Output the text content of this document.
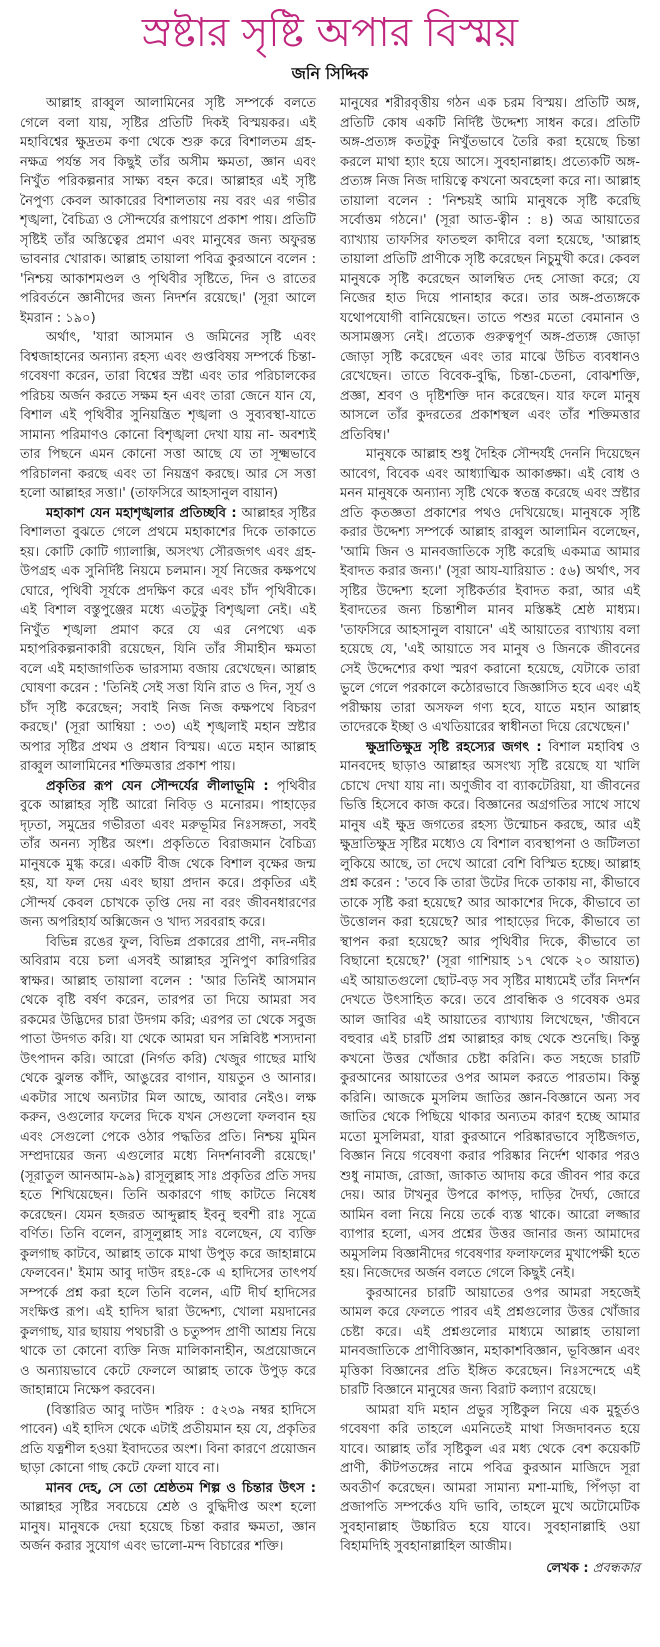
স্রষ্টার সৃষ্টি অপার বিস্ময়
জনি সিদ্দিক

আল্লাহ রাব্বুল আলামিনের সৃষ্টি সম্পর্কে বলতে গেলে বলা যায়, সৃষ্টির প্রতিটি দিকই বিস্ময়কর। এই মহাবিশ্বের ক্ষুদ্রতম কণা থেকে শুরু করে বিশালতম গ্রহ-নক্ষত্র পর্যন্ত সব কিছুই তাঁর অসীম ক্ষমতা, জ্ঞান এবং নিখুঁত পরিকল্পনার সাক্ষ্য বহন করে। আল্লাহর এই সৃষ্টি নৈপুণ্য কেবল আকারের বিশালতায় নয় বরং এর গভীর শৃঙ্খলা, বৈচিত্র্য ও সৌন্দর্যের রূপায়ণে প্রকাশ পায়। প্রতিটি সৃষ্টিই তাঁর অস্তিত্বের প্রমাণ এবং মানুষের জন্য অফুরন্ত ভাবনার খোরাক। আল্লাহ তায়ালা পবিত্র কুরআনে বলেন : 'নিশ্চয় আকাশমণ্ডল ও পৃথিবীর সৃষ্টিতে, দিন ও রাতের পরিবর্তনে জ্ঞানীদের জন্য নিদর্শন রয়েছে।' (সূরা আলে ইমরান : ১৯০)

অর্থাৎ, 'যারা আসমান ও জমিনের সৃষ্টি এবং বিশ্বজাহানের অন্যান্য রহস্য এবং গুপ্তবিষয় সম্পর্কে চিন্তা-গবেষণা করেন, তারা বিশ্বের স্রষ্টা এবং তার পরিচালকের পরিচয় অর্জন করতে সক্ষম হন এবং তারা জেনে যান যে, বিশাল এই পৃথিবীর সুনিয়ন্ত্রিত শৃঙ্খলা ও সুব্যবস্থা-যাতে সামান্য পরিমাণও কোনো বিশৃঙ্খলা দেখা যায় না- অবশ্যই তার পিছনে এমন কোনো সত্তা আছে যে তা সূক্ষ্মভাবে পরিচালনা করছে এবং তা নিয়ন্ত্রণ করছে। আর সে সত্তা হলো আল্লাহর সত্তা।' (তাফসিরে আহসানুল বায়ান)

মহাকাশ যেন মহাশৃঙ্খলার প্রতিচ্ছবি : আল্লাহর সৃষ্টির বিশালতা বুঝতে গেলে প্রথমে মহাকাশের দিকে তাকাতে হয়। কোটি কোটি গ্যালাক্সি, অসংখ্য সৌরজগৎ এবং গ্রহ-উপগ্রহ এক সুনির্দিষ্ট নিয়মে চলমান। সূর্য নিজের কক্ষপথে ঘোরে, পৃথিবী সূর্যকে প্রদক্ষিণ করে এবং চাঁদ পৃথিবীকে। এই বিশাল বস্তুপুঞ্জের মধ্যে এতটুকু বিশৃঙ্খলা নেই। এই নিখুঁত শৃঙ্খলা প্রমাণ করে যে এর নেপথ্যে এক মহাপরিকল্পনাকারী রয়েছেন, যিনি তাঁর সীমাহীন ক্ষমতা বলে এই মহাজাগতিক ভারসাম্য বজায় রেখেছেন। আল্লাহ ঘোষণা করেন : 'তিনিই সেই সত্তা যিনি রাত ও দিন, সূর্য ও চাঁদ সৃষ্টি করেছেন; সবাই নিজ নিজ কক্ষপথে বিচরণ করছে।' (সূরা আম্বিয়া : ৩৩) এই শৃঙ্খলাই মহান স্রষ্টার অপার সৃষ্টির প্রথম ও প্রধান বিস্ময়। এতে মহান আল্লাহ রাব্বুল আলামিনের শক্তিমত্তার প্রকাশ পায়।

প্রকৃতির রূপ যেন সৌন্দর্যের লীলাভূমি : পৃথিবীর বুকে আল্লাহর সৃষ্টি আরো নিবিড় ও মনোরম। পাহাড়ের দৃঢ়তা, সমুদ্রের গভীরতা এবং মরুভূমির নিঃসঙ্গতা, সবই তাঁর অনন্য সৃষ্টির অংশ। প্রকৃতিতে বিরাজমান বৈচিত্র্য মানুষকে মুগ্ধ করে। একটি বীজ থেকে বিশাল বৃক্ষের জন্ম হয়, যা ফল দেয় এবং ছায়া প্রদান করে। প্রকৃতির এই সৌন্দর্য কেবল চোখকে তৃপ্তি দেয় না বরং জীবনধারণের জন্য অপরিহার্য অক্সিজেন ও খাদ্য সরবরাহ করে।

বিভিন্ন রঙের ফুল, বিভিন্ন প্রকারের প্রাণী, নদ-নদীর অবিরাম বয়ে চলা এসবই আল্লাহর সুনিপুণ কারিগরির স্বাক্ষর। আল্লাহ তায়ালা বলেন : 'আর তিনিই আসমান থেকে বৃষ্টি বর্ষণ করেন, তারপর তা দিয়ে আমরা সব রকমের উদ্ভিদের চারা উদগম করি; এরপর তা থেকে সবুজ পাতা উদগত করি। যা থেকে আমরা ঘন সন্নিবিষ্ট শস্যদানা উৎপাদন করি। আরো (নির্গত করি) খেজুর গাছের মাথি থেকে ঝুলন্ত কাঁদি, আঙুরের বাগান, যায়তুন ও আনার। একটার সাথে অন্যটার মিল আছে, আবার নেইও। লক্ষ করুন, ওগুলোর ফলের দিকে যখন সেগুলো ফলবান হয় এবং সেগুলো পেকে ওঠার পদ্ধতির প্রতি। নিশ্চয় মুমিন সম্প্রদায়ের জন্য এগুলোর মধ্যে নিদর্শনাবলী রয়েছে।' (সূরাতুল আনআম-৯৯) রাসূলুল্লাহ সাঃ প্রকৃতির প্রতি সদয় হতে শিখিয়েছেন। তিনি অকারণে গাছ কাটতে নিষেধ করেছেন। যেমন হজরত আব্দুল্লাহ ইবনু হুবশী রাঃ সূত্রে বর্ণিত। তিনি বলেন, রাসূলুল্লাহ সাঃ বলেছেন, যে ব্যক্তি কুলগাছ কাটবে, আল্লাহ তাকে মাথা উপুড় করে জাহান্নামে ফেলবেন।' ইমাম আবু দাউদ রহঃ-কে এ হাদিসের তাৎপর্য সম্পর্কে প্রশ্ন করা হলে তিনি বলেন, এটি দীর্ঘ হাদিসের সংক্ষিপ্ত রূপ। এই হাদিস দ্বারা উদ্দেশ্য, খোলা ময়দানের কুলগাছ, যার ছায়ায় পথচারী ও চতুষ্পদ প্রাণী আশ্রয় নিয়ে থাকে তা কোনো ব্যক্তি নিজ মালিকানাহীন, অপ্রয়োজনে ও অন্যায়ভাবে কেটে ফেললে আল্লাহ তাকে উপুড় করে জাহান্নামে নিক্ষেপ করবেন।

(বিস্তারিত আবু দাউদ শরিফ : ৫২৩৯ নম্বর হাদিসে পাবেন) এই হাদিস থেকে এটাই প্রতীয়মান হয় যে, প্রকৃতির প্রতি যত্নশীল হওয়া ইবাদতের অংশ। বিনা কারণে প্রয়োজন ছাড়া কোনো গাছ কেটে ফেলা যাবে না।

মানব দেহ, সে তো শ্রেষ্ঠতম শিল্প ও চিন্তার উৎস : আল্লাহর সৃষ্টির সবচেয়ে শ্রেষ্ঠ ও বুদ্ধিদীপ্ত অংশ হলো মানুষ। মানুষকে দেয়া হয়েছে চিন্তা করার ক্ষমতা, জ্ঞান অর্জন করার সুযোগ এবং ভালো-মন্দ বিচারের শক্তি।

মানুষের শরীরবৃত্তীয় গঠন এক চরম বিস্ময়। প্রতিটি অঙ্গ, প্রতিটি কোষ একটি নির্দিষ্ট উদ্দেশ্য সাধন করে। প্রতিটি অঙ্গ-প্রত্যঙ্গ কতটুকু নিখুঁতভাবে তৈরি করা হয়েছে চিন্তা করলে মাথা হ্যাং হয়ে আসে। সুবহানাল্লাহ। প্রত্যেকটি অঙ্গ-প্রত্যঙ্গ নিজ নিজ দায়িত্বে কখনো অবহেলা করে না। আল্লাহ তায়ালা বলেন : 'নিশ্চয়ই আমি মানুষকে সৃষ্টি করেছি সর্বোত্তম গঠনে।' (সূরা আত-ত্বীন : ৪) অত্র আয়াতের ব্যাখ্যায় তাফসির ফাতহুল কাদীরে বলা হয়েছে, 'আল্লাহ তায়ালা প্রতিটি প্রাণীকে সৃষ্টি করেছেন নিচুমুখী করে। কেবল মানুষকে সৃষ্টি করেছেন আলম্বিত দেহ সোজা করে; যে নিজের হাত দিয়ে পানাহার করে। তার অঙ্গ-প্রত্যঙ্গকে যথোপযোগী বানিয়েছেন। তাতে পশুর মতো বেমানান ও অসামঞ্জস্য নেই। প্রত্যেক গুরুত্বপূর্ণ অঙ্গ-প্রত্যঙ্গ জোড়া জোড়া সৃষ্টি করেছেন এবং তার মাঝে উচিত ব্যবধানও রেখেছেন। তাতে বিবেক-বুদ্ধি, চিন্তা-চেতনা, বোঝশক্তি, প্রজ্ঞা, শ্রবণ ও দৃষ্টিশক্তি দান করেছেন। যার ফলে মানুষ আসলে তাঁর কুদরতের প্রকাশস্থল এবং তাঁর শক্তিমত্তার প্রতিবিম্ব।'

মানুষকে আল্লাহ শুধু দৈহিক সৌন্দর্যই দেননি দিয়েছেন আবেগ, বিবেক এবং আধ্যাত্মিক আকাঙ্ক্ষা। এই বোধ ও মনন মানুষকে অন্যান্য সৃষ্টি থেকে স্বতন্ত্র করেছে এবং স্রষ্টার প্রতি কৃতজ্ঞতা প্রকাশের পথও দেখিয়েছে। মানুষকে সৃষ্টি করার উদ্দেশ্য সম্পর্কে আল্লাহ রাব্বুল আলামিন বলেছেন, 'আমি জিন ও মানবজাতিকে সৃষ্টি করেছি একমাত্র আমার ইবাদত করার জন্য।' (সূরা আয-যারিয়াত : ৫৬) অর্থাৎ, সব সৃষ্টির উদ্দেশ্য হলো সৃষ্টিকর্তার ইবাদত করা, আর এই ইবাদতের জন্য চিন্তাশীল মানব মস্তিষ্কই শ্রেষ্ঠ মাধ্যম। 'তাফসিরে আহসানুল বায়ানে' এই আয়াতের ব্যাখ্যায় বলা হয়েছে যে, 'এই আয়াতে সব মানুষ ও জিনকে জীবনের সেই উদ্দেশ্যের কথা স্মরণ করানো হয়েছে, যেটাকে তারা ভুলে গেলে পরকালে কঠোরভাবে জিজ্ঞাসিত হবে এবং এই পরীক্ষায় তারা অসফল গণ্য হবে, যাতে মহান আল্লাহ তাদেরকে ইচ্ছা ও এখতিয়ারের স্বাধীনতা দিয়ে রেখেছেন।'

ক্ষুদ্রাতিক্ষুদ্র সৃষ্টি রহস্যের জগৎ : বিশাল মহাবিশ্ব ও মানবদেহ ছাড়াও আল্লাহর অসংখ্য সৃষ্টি রয়েছে যা খালি চোখে দেখা যায় না। অণুজীব বা ব্যাকটেরিয়া, যা জীবনের ভিত্তি হিসেবে কাজ করে। বিজ্ঞানের অগ্রগতির সাথে সাথে মানুষ এই ক্ষুদ্র জগতের রহস্য উন্মোচন করছে, আর এই ক্ষুদ্রাতিক্ষুদ্র সৃষ্টির মধ্যেও যে বিশাল ব্যবস্থাপনা ও জটিলতা লুকিয়ে আছে, তা দেখে আরো বেশি বিস্মিত হচ্ছে। আল্লাহ প্রশ্ন করেন : 'তবে কি তারা উটের দিকে তাকায় না, কীভাবে তাকে সৃষ্টি করা হয়েছে? আর আকাশের দিকে, কীভাবে তা উত্তোলন করা হয়েছে? আর পাহাড়ের দিকে, কীভাবে তা স্থাপন করা হয়েছে? আর পৃথিবীর দিকে, কীভাবে তা বিছানো হয়েছে?' (সূরা গাশিয়াহ ১৭ থেকে ২০ আয়াত) এই আয়াতগুলো ছোট-বড় সব সৃষ্টির মাধ্যমেই তাঁর নিদর্শন দেখতে উৎসাহিত করে। তবে প্রাবন্ধিক ও গবেষক ওমর আল জাবির এই আয়াতের ব্যাখ্যায় লিখেছেন, 'জীবনে বহুবার এই চারটি প্রশ্ন আল্লাহর কাছ থেকে শুনেছি। কিন্তু কখনো উত্তর খোঁজার চেষ্টা করিনি। কত সহজে চারটি কুরআনের আয়াতের ওপর আমল করতে পারতাম। কিন্তু করিনি। আজকে মুসলিম জাতির জ্ঞান-বিজ্ঞানে অন্য সব জাতির থেকে পিছিয়ে থাকার অন্যতম কারণ হচ্ছে আমার মতো মুসলিমরা, যারা কুরআনে পরিষ্কারভাবে সৃষ্টিজগত, বিজ্ঞান নিয়ে গবেষণা করার পরিষ্কার নির্দেশ থাকার পরও শুধু নামাজ, রোজা, জাকাত আদায় করে জীবন পার করে দেয়। আর টাখনুর উপরে কাপড়, দাড়ির দৈর্ঘ্য, জোরে আমিন বলা নিয়ে নিয়ে তর্কে ব্যস্ত থাকে। আরো লজ্জার ব্যাপার হলো, এসব প্রশ্নের উত্তর জানার জন্য আমাদের অমুসলিম বিজ্ঞানীদের গবেষণার ফলাফলের মুখাপেক্ষী হতে হয়। নিজেদের অর্জন বলতে গেলে কিছুই নেই।

কুরআনের চারটি আয়াতের ওপর আমরা সহজেই আমল করে ফেলতে পারব এই প্রশ্নগুলোর উত্তর খোঁজার চেষ্টা করে। এই প্রশ্নগুলোর মাধ্যমে আল্লাহ তায়ালা মানবজাতিকে প্রাণীবিজ্ঞান, মহাকাশবিজ্ঞান, ভূবিজ্ঞান এবং মৃত্তিকা বিজ্ঞানের প্রতি ইঙ্গিত করেছেন। নিঃসন্দেহে এই চারটি বিজ্ঞানে মানুষের জন্য বিরাট কল্যাণ রয়েছে।

আমরা যদি মহান প্রভুর সৃষ্টিকুল নিয়ে এক মুহূর্তও গবেষণা করি তাহলে এমনিতেই মাথা সিজদাবনত হয়ে যাবে। আল্লাহ তাঁর সৃষ্টিকুল এর মধ্য থেকে বেশ কয়েকটি প্রাণী, কীটপতঙ্গের নামে পবিত্র কুরআন মাজিদে সূরা অবতীর্ণ করেছেন। আমরা সামান্য মশা-মাছি, পিঁপড়া বা প্রজাপতি সম্পর্কেও যদি ভাবি, তাহলে মুখে অটোমেটিক সুবহানাল্লাহ উচ্চারিত হয়ে যাবে। সুবহানাল্লাহি ওয়া বিহামদিহি সুবহানাল্লাহিল আজীম।

লেখক : প্রবন্ধকার
